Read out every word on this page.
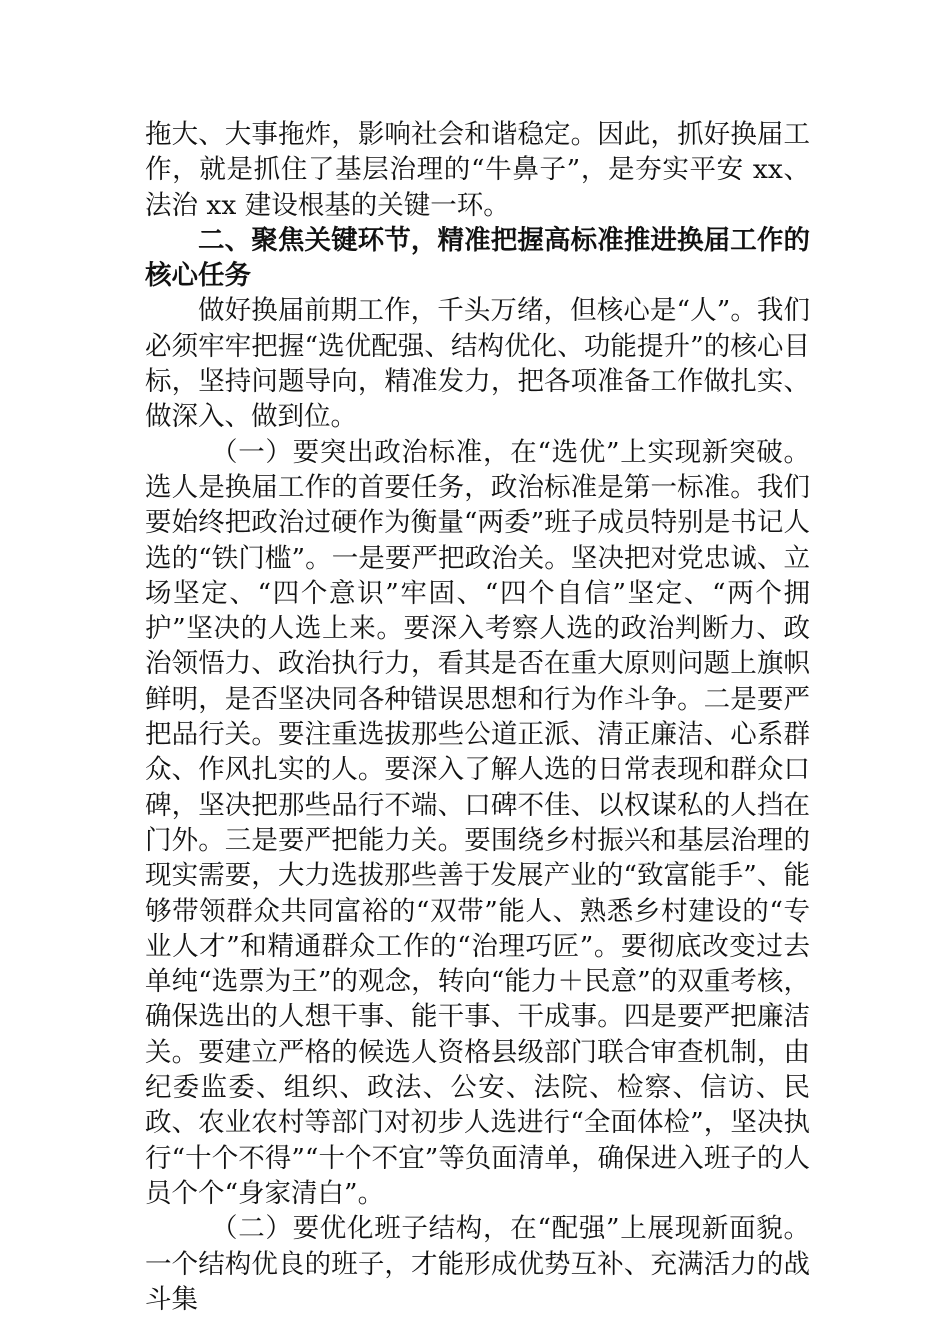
拖大、大事拖炸，影响社会和谐稳定。因此，抓好换届工作，就是抓住了基层治理的“牛鼻子”，是夯实平安 xx、法治 xx 建设根基的关键一环。

二、聚焦关键环节，精准把握高标准推进换届工作的核心任务

做好换届前期工作，千头万绪，但核心是“人”。我们必须牢牢把握“选优配强、结构优化、功能提升”的核心目标，坚持问题导向，精准发力，把各项准备工作做扎实、做深入、做到位。

（一）要突出政治标准，在“选优”上实现新突破。选人是换届工作的首要任务，政治标准是第一标准。我们要始终把政治过硬作为衡量“两委”班子成员特别是书记人选的“铁门槛”。一是要严把政治关。坚决把对党忠诚、立场坚定、“四个意识”牢固、“四个自信”坚定、“两个拥护”坚决的人选上来。要深入考察人选的政治判断力、政治领悟力、政治执行力，看其是否在重大原则问题上旗帜鲜明，是否坚决同各种错误思想和行为作斗争。二是要严把品行关。要注重选拔那些公道正派、清正廉洁、心系群众、作风扎实的人。要深入了解人选的日常表现和群众口碑，坚决把那些品行不端、口碑不佳、以权谋私的人挡在门外。三是要严把能力关。要围绕乡村振兴和基层治理的现实需要，大力选拔那些善于发展产业的“致富能手”、能够带领群众共同富裕的“双带”能人、熟悉乡村建设的“专业人才”和精通群众工作的“治理巧匠”。要彻底改变过去单纯“选票为王”的观念，转向“能力＋民意”的双重考核，确保选出的人想干事、能干事、干成事。四是要严把廉洁关。要建立严格的候选人资格县级部门联合审查机制，由纪委监委、组织、政法、公安、法院、检察、信访、民政、农业农村等部门对初步人选进行“全面体检”，坚决执行“十个不得”“十个不宜”等负面清单，确保进入班子的人员个个“身家清白”。

（二）要优化班子结构，在“配强”上展现新面貌。一个结构优良的班子，才能形成优势互补、充满活力的战斗集
